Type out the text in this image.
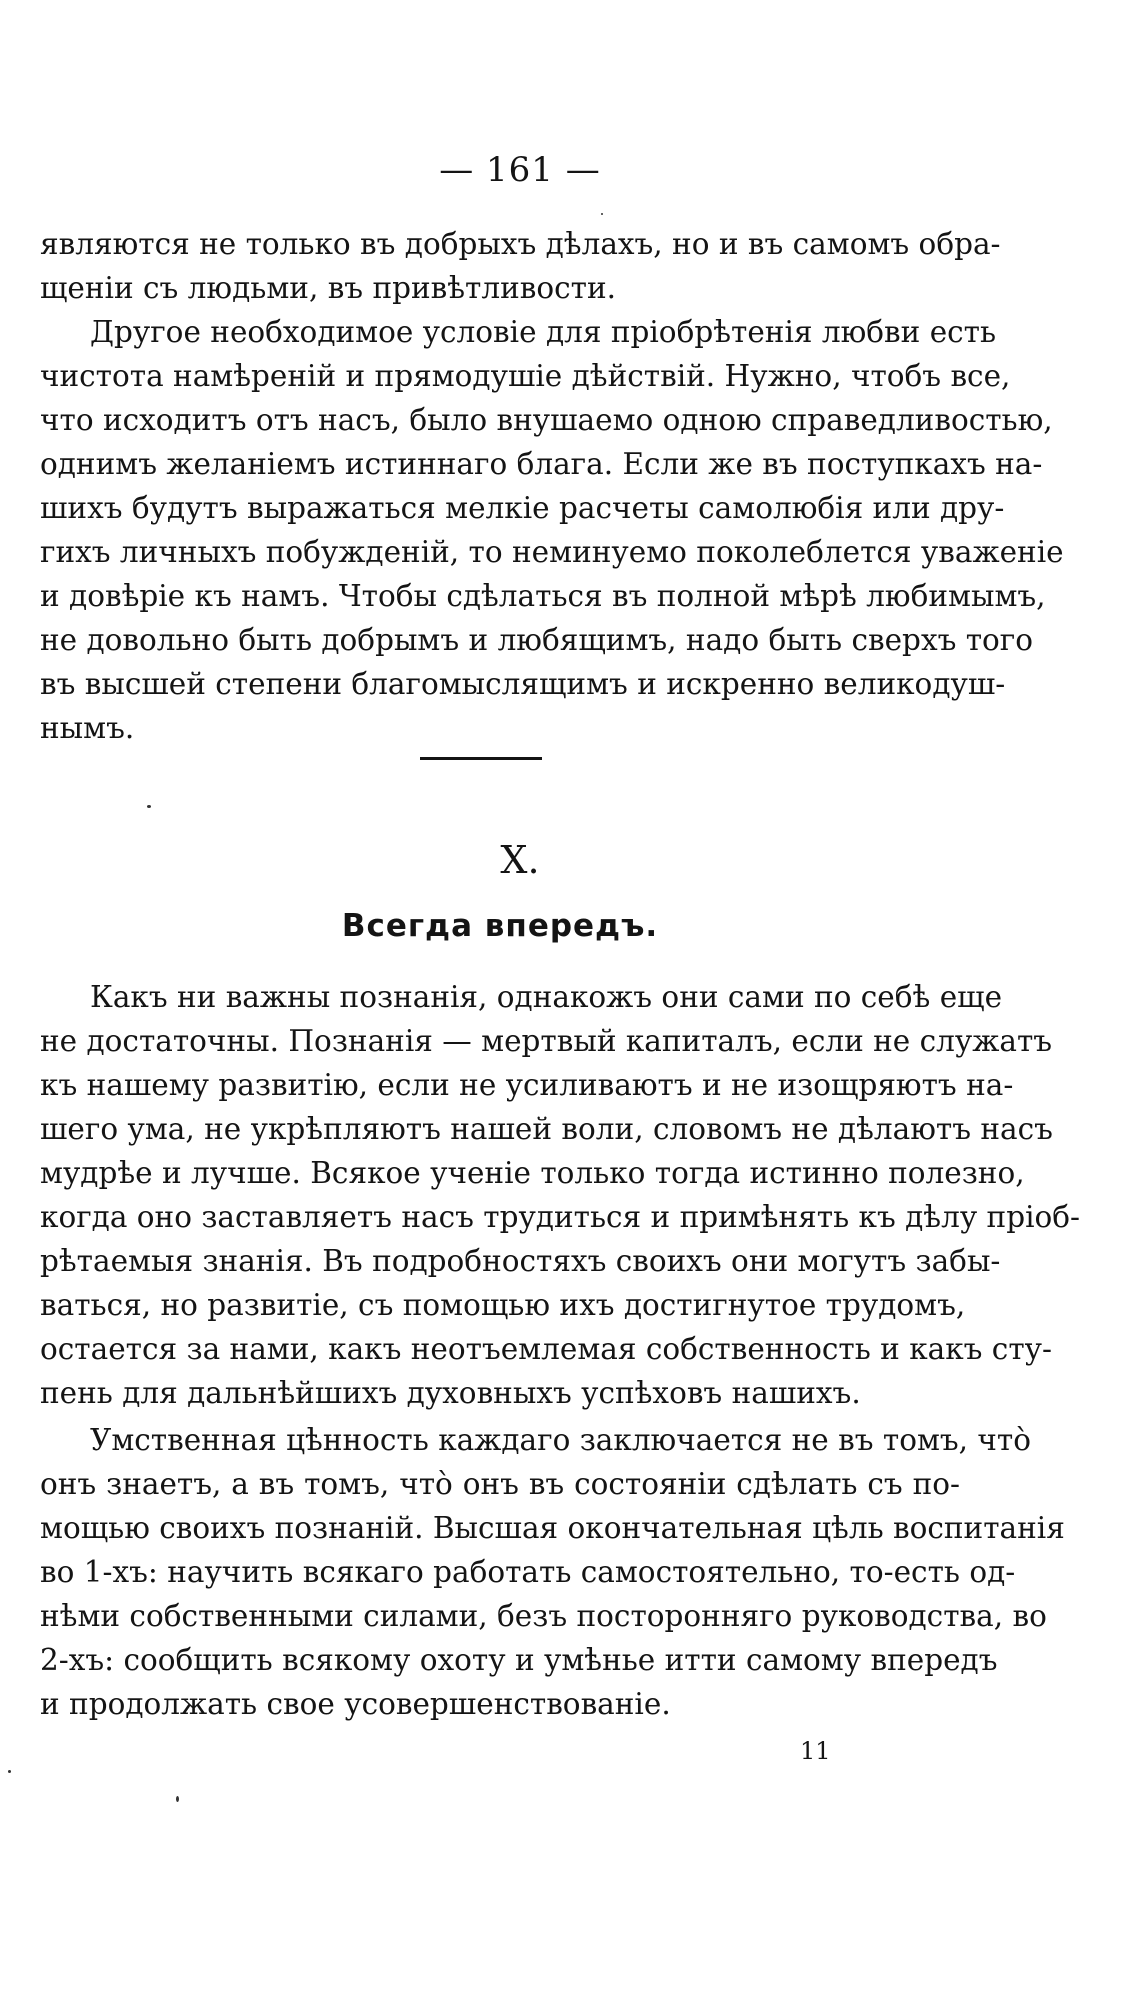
— 161 —

являются не только въ добрыхъ дѣлахъ, но и въ самомъ обра-
щеніи съ людьми, въ привѣтливости.

Другое необходимое условіе для пріобрѣтенія любви есть
чистота намѣреній и прямодушіе дѣйствій. Нужно, чтобъ все,
что исходитъ отъ насъ, было внушаемо одною справедливостью,
однимъ желаніемъ истиннаго блага. Если же въ поступкахъ на-
шихъ будутъ выражаться мелкіе расчеты самолюбія или дру-
гихъ личныхъ побужденій, то неминуемо поколеблется уваженіе
и довѣріе къ намъ. Чтобы сдѣлаться въ полной мѣрѣ любимымъ,
не довольно быть добрымъ и любящимъ, надо быть сверхъ того
въ высшей степени благомыслящимъ и искренно великодуш-
нымъ.

X.
Всегда впередъ.

Какъ ни важны познанія, однакожъ они сами по себѣ еще
не достаточны. Познанія — мертвый капиталъ, если не служатъ
къ нашему развитію, если не усиливаютъ и не изощряютъ на-
шего ума, не укрѣпляютъ нашей воли, словомъ не дѣлаютъ насъ
мудрѣе и лучше. Всякое ученіе только тогда истинно полезно,
когда оно заставляетъ насъ трудиться и примѣнять къ дѣлу пріоб-
рѣтаемыя знанія. Въ подробностяхъ своихъ они могутъ забы-
ваться, но развитіе, съ помощью ихъ достигнутое трудомъ,
остается за нами, какъ неотъемлемая собственность и какъ сту-
пень для дальнѣйшихъ духовныхъ успѣховъ нашихъ.

Умственная цѣнность каждаго заключается не въ томъ, что̀
онъ знаетъ, а въ томъ, что̀ онъ въ состояніи сдѣлать съ по-
мощью своихъ познаній. Высшая окончательная цѣль воспитанія
во 1-хъ: научить всякаго работать самостоятельно, то-есть од-
нѣми собственными силами, безъ посторонняго руководства, во
2-хъ: сообщить всякому охоту и умѣнье итти самому впередъ
и продолжать свое усовершенствованіе.

11
